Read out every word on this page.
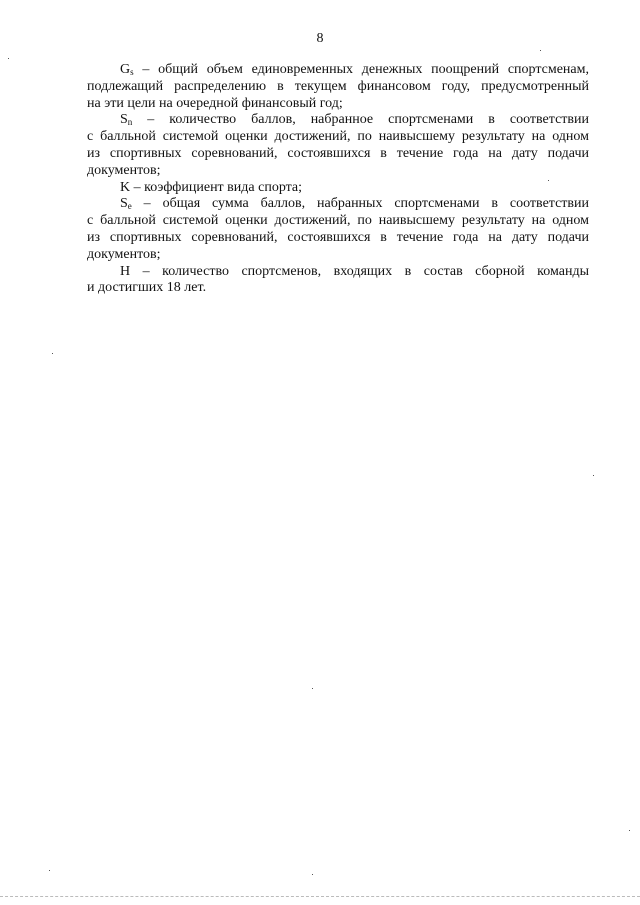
8
$G_s$ – общий объем единовременных денежных поощрений спортсменам,
подлежащий распределению в текущем финансовом году, предусмотренный
на эти цели на очередной финансовый год;
$S_n$ – количество баллов, набранное спортсменами в соответствии
с балльной системой оценки достижений, по наивысшему результату на одном
из спортивных соревнований, состоявшихся в течение года на дату подачи
документов;
K – коэффициент вида спорта;
$S_e$ – общая сумма баллов, набранных спортсменами в соответствии
с балльной системой оценки достижений, по наивысшему результату на одном
из спортивных соревнований, состоявшихся в течение года на дату подачи
документов;
H – количество спортсменов, входящих в состав сборной команды
и достигших 18 лет.
